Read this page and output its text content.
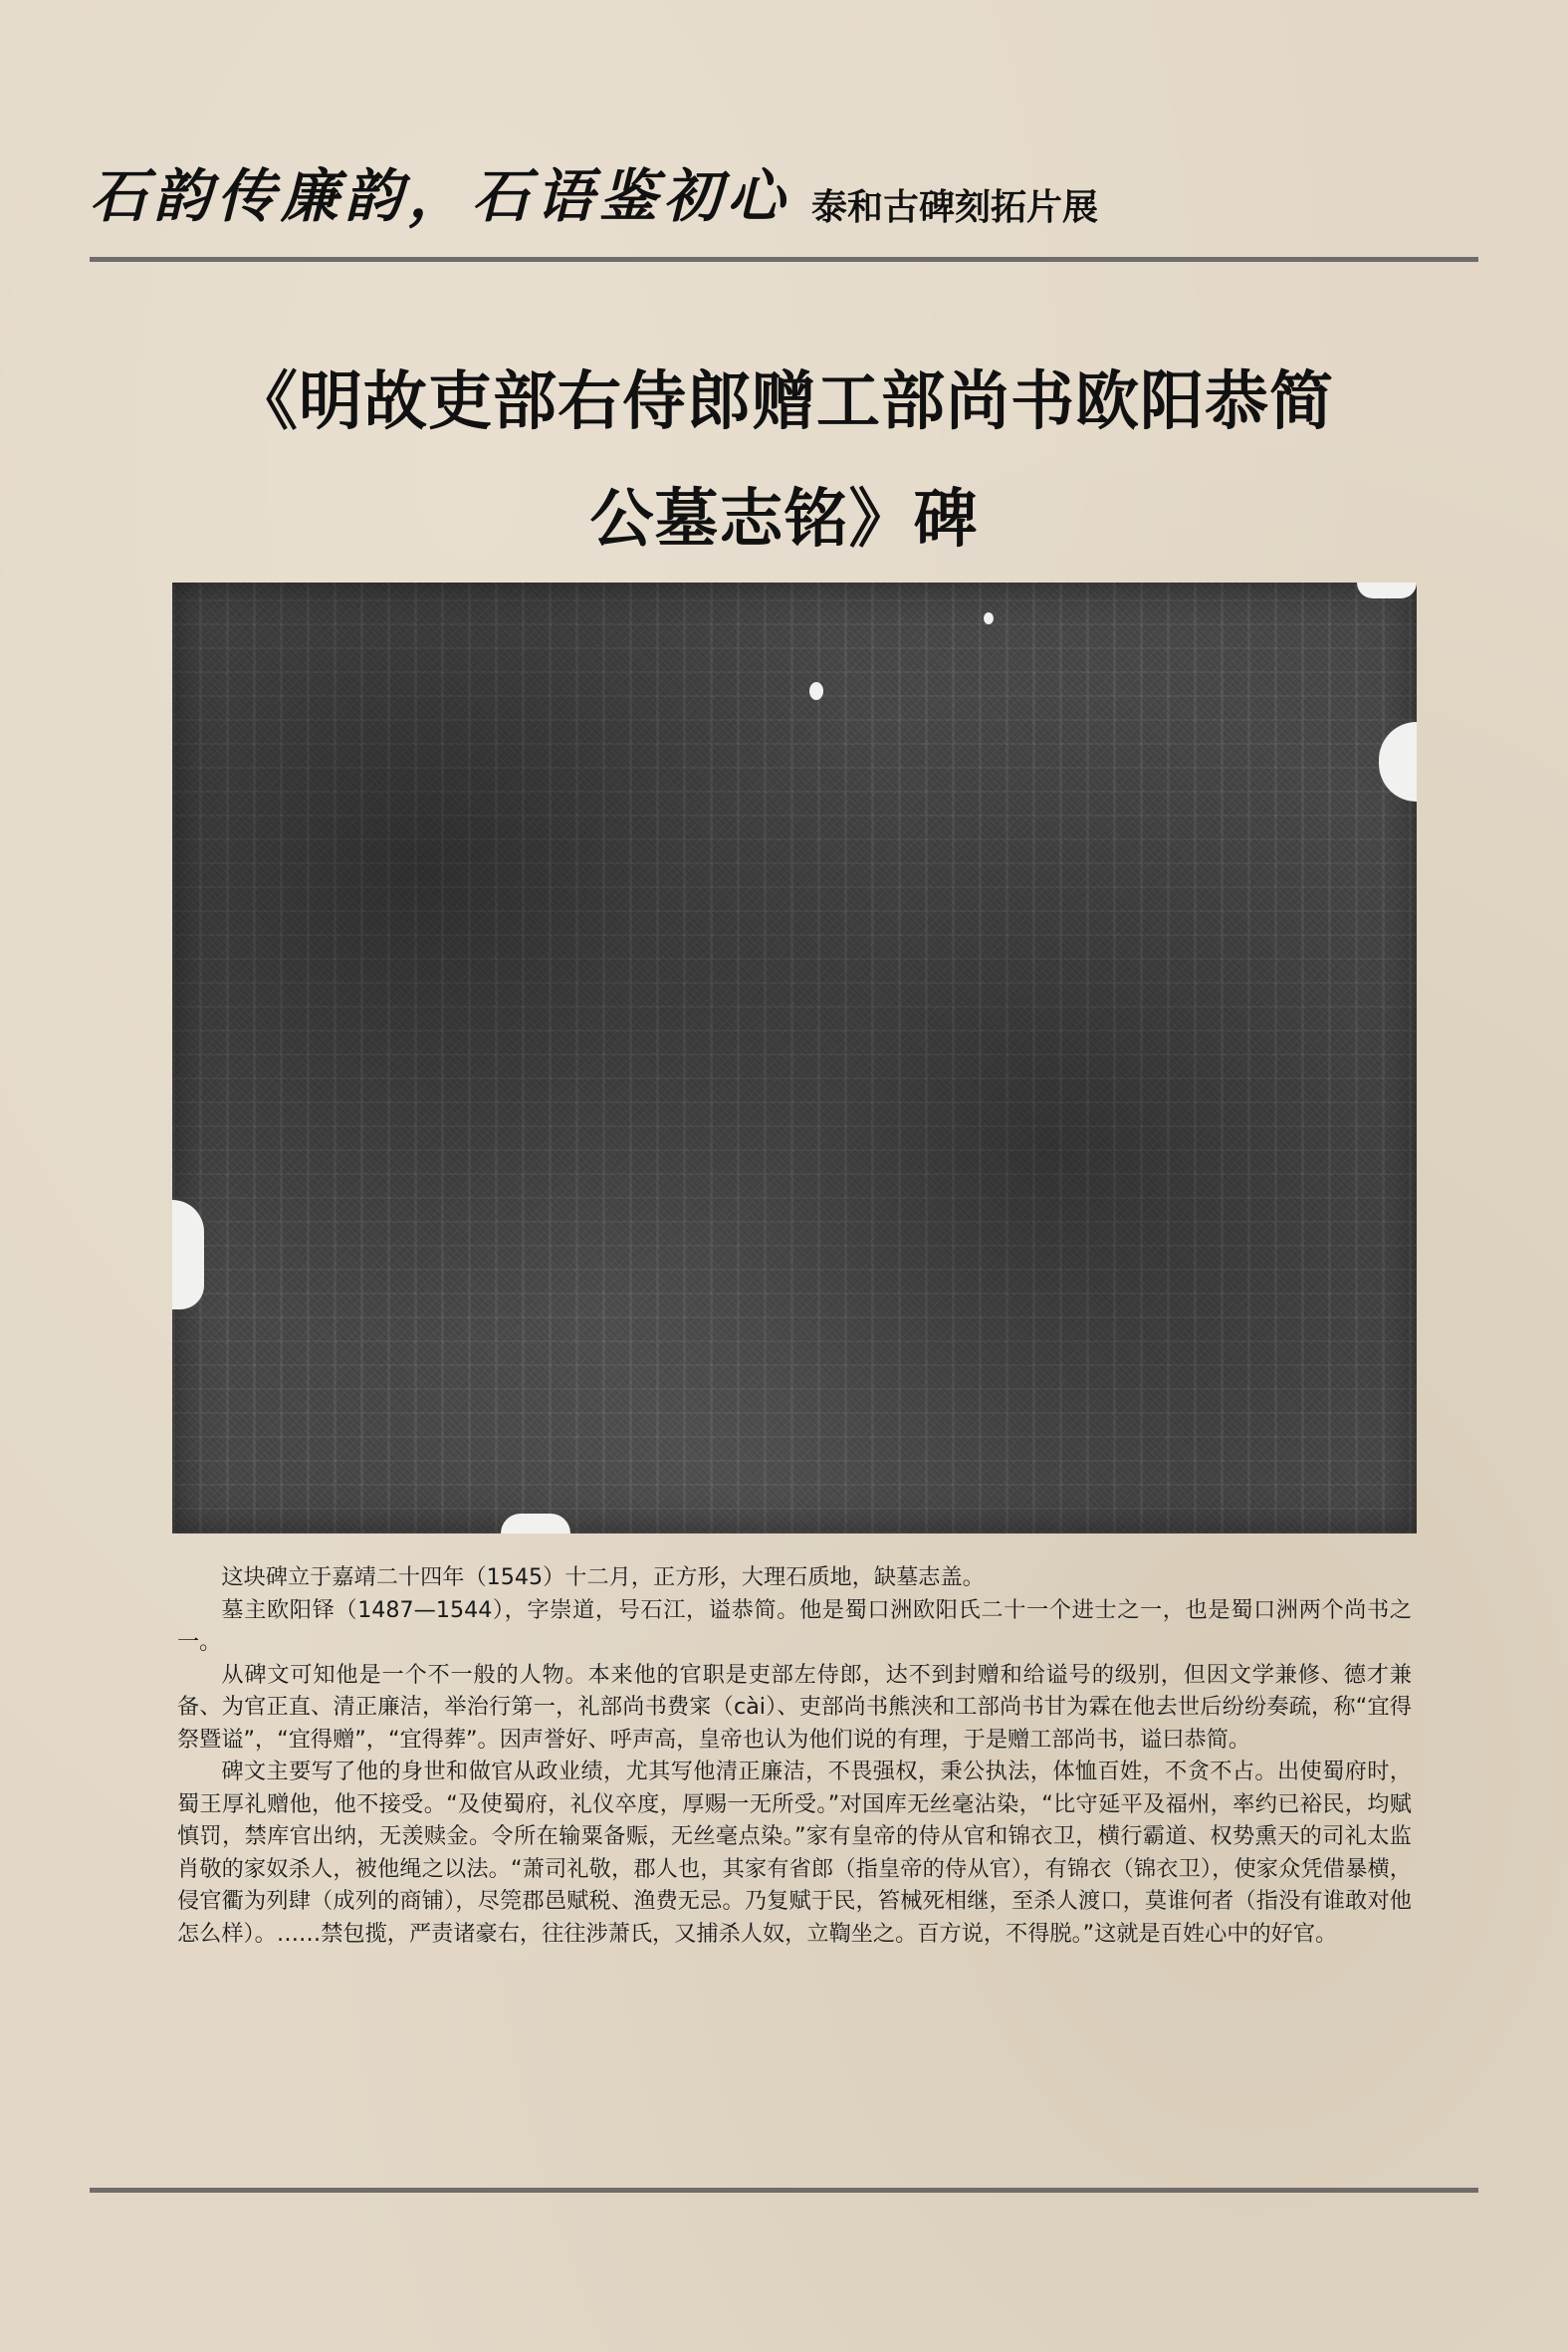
石韵传廉韵，石语鉴初心 泰和古碑刻拓片展
《明故吏部右侍郎赠工部尚书欧阳恭简
公墓志铭》碑

这块碑立于嘉靖二十四年（1545）十二月，正方形，大理石质地，缺墓志盖。

墓主欧阳铎（1487—1544），字崇道，号石江，谥恭简。他是蜀口洲欧阳氏二十一个进士之一，也是蜀口洲两个尚书之一。

从碑文可知他是一个不一般的人物。本来他的官职是吏部左侍郎，达不到封赠和给谥号的级别，但因文学兼修、德才兼备、为官正直、清正廉洁，举治行第一，礼部尚书费寀（cài）、吏部尚书熊浃和工部尚书甘为霖在他去世后纷纷奏疏，称“宜得祭暨谥”，“宜得赠”，“宜得葬”。因声誉好、呼声高，皇帝也认为他们说的有理，于是赠工部尚书，谥曰恭简。

碑文主要写了他的身世和做官从政业绩，尤其写他清正廉洁，不畏强权，秉公执法，体恤百姓，不贪不占。出使蜀府时，蜀王厚礼赠他，他不接受。“及使蜀府，礼仪卒度，厚赐一无所受。”对国库无丝毫沾染，“比守延平及福州，率约已裕民，均赋慎罚，禁库官出纳，无羡赎金。令所在输粟备赈，无丝毫点染。”家有皇帝的侍从官和锦衣卫，横行霸道、权势熏天的司礼太监肖敬的家奴杀人，被他绳之以法。“萧司礼敬，郡人也，其家有省郎（指皇帝的侍从官），有锦衣（锦衣卫），使家众凭借暴横，侵官衢为列肆（成列的商铺），尽筦郡邑赋税、渔费无忌。乃复赋于民，笞械死相继，至杀人渡口，莫谁何者（指没有谁敢对他怎么样）。……禁包揽，严责诸豪右，往往涉萧氏，又捕杀人奴，立鞫坐之。百方说，不得脱。”这就是百姓心中的好官。
